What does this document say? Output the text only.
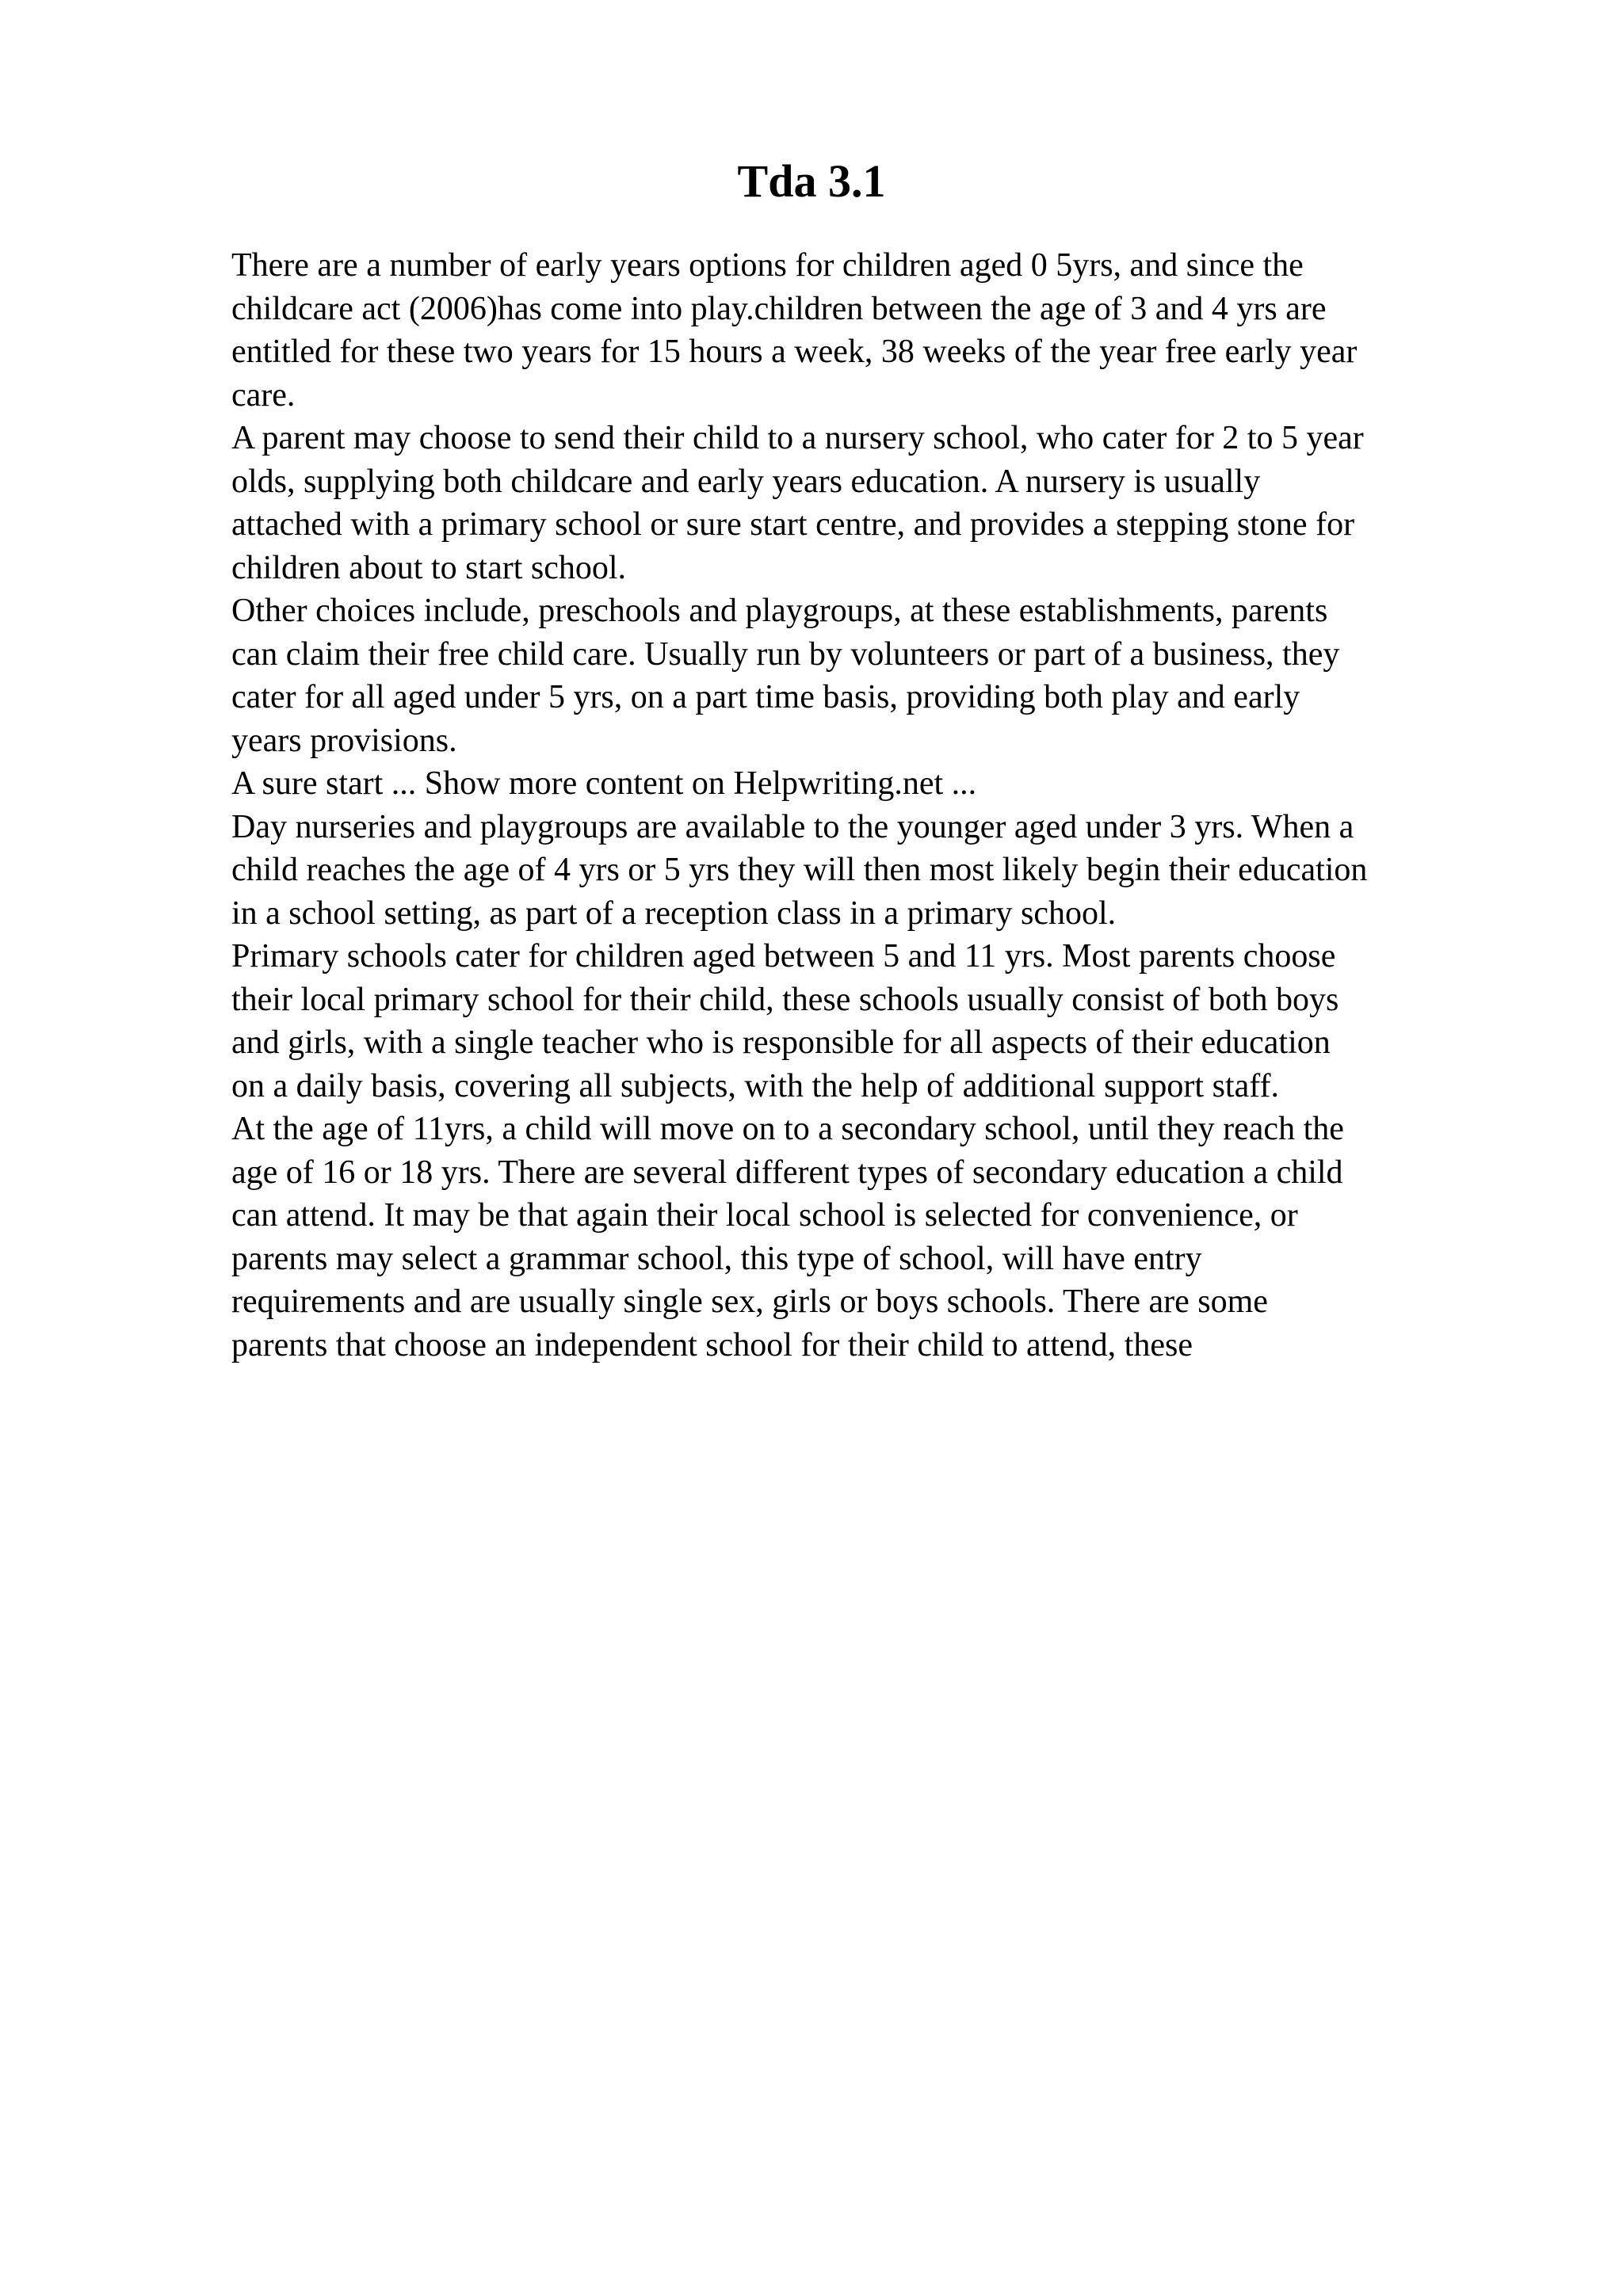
Tda 3.1
There are a number of early years options for children aged 0 5yrs, and since the
childcare act (2006)has come into play.children between the age of 3 and 4 yrs are
entitled for these two years for 15 hours a week, 38 weeks of the year free early year
care.
A parent may choose to send their child to a nursery school, who cater for 2 to 5 year
olds, supplying both childcare and early years education. A nursery is usually
attached with a primary school or sure start centre, and provides a stepping stone for
children about to start school.
Other choices include, preschools and playgroups, at these establishments, parents
can claim their free child care. Usually run by volunteers or part of a business, they
cater for all aged under 5 yrs, on a part time basis, providing both play and early
years provisions.
A sure start ... Show more content on Helpwriting.net ...
Day nurseries and playgroups are available to the younger aged under 3 yrs. When a
child reaches the age of 4 yrs or 5 yrs they will then most likely begin their education
in a school setting, as part of a reception class in a primary school.
Primary schools cater for children aged between 5 and 11 yrs. Most parents choose
their local primary school for their child, these schools usually consist of both boys
and girls, with a single teacher who is responsible for all aspects of their education
on a daily basis, covering all subjects, with the help of additional support staff.
At the age of 11yrs, a child will move on to a secondary school, until they reach the
age of 16 or 18 yrs. There are several different types of secondary education a child
can attend. It may be that again their local school is selected for convenience, or
parents may select a grammar school, this type of school, will have entry
requirements and are usually single sex, girls or boys schools. There are some
parents that choose an independent school for their child to attend, these
